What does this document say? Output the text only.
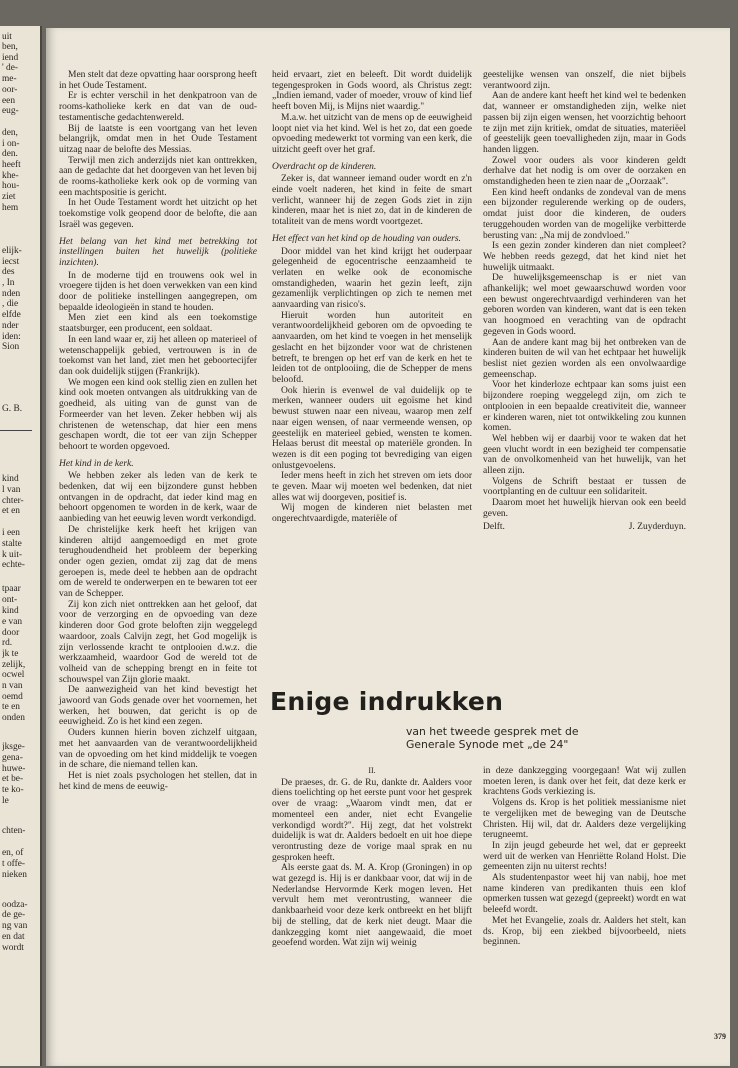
uit
ben,
iend
' de-
me-
oor-
een
eug-
den,
i on-
den.
heeft
khe-
hou-
ziet
hem
elijk-
iecst
des
, In
nden
, die
elfde
nder
iden:
Sion
G. B.
kind
l van
chter-
et en
i een
stalte
k uit-
echte-
tpaar
ont-
kind
e van
door
rd.
jk te
zelijk,
ocwel
n van
oemd
te en
onden
jksge-
gena-
huwe-
et be-
te ko-
le
chten-
en, of
t offe-
nieken
oodza-
de ge-
ng van
en dat
wordt

Men stelt dat deze opvatting haar oorsprong heeft in het Oude Testament.

Er is echter verschil in het denkpatroon van de rooms-katholieke kerk en dat van de oud-testamentische gedachtenwereld.

Bij de laatste is een voortgang van het leven belangrijk, omdat men in het Oude Testament uitzag naar de belofte des Messias.

Terwijl men zich anderzijds niet kan onttrekken, aan de gedachte dat het doorgeven van het leven bij de rooms-katholieke kerk ook op de vorming van een machtspositie is gericht.

In het Oude Testament wordt het uitzicht op het toekomstige volk geopend door de belofte, die aan Israël was gegeven.

Het belang van het kind met betrekking tot instellingen buiten het huwelijk (politieke inzichten).

In de moderne tijd en trouwens ook wel in vroegere tijden is het doen verwekken van een kind door de politieke instellingen aangegrepen, om bepaalde ideologieën in stand te houden.

Men ziet een kind als een toekomstige staatsburger, een producent, een soldaat.

In een land waar er, zij het alleen op materieel of wetenschappelijk gebied, vertrouwen is in de toekomst van het land, ziet men het geboortecijfer dan ook duidelijk stijgen (Frankrijk).

We mogen een kind ook stellig zien en zullen het kind ook moeten ontvangen als uitdrukking van de goedheid, als uiting van de gunst van de Formeerder van het leven. Zeker hebben wij als christenen de wetenschap, dat hier een mens geschapen wordt, die tot eer van zijn Schepper behoort te worden opgevoed.

Het kind in de kerk.

We hebben zeker als leden van de kerk te bedenken, dat wij een bijzondere gunst hebben ontvangen in de opdracht, dat ieder kind mag en behoort opgenomen te worden in de kerk, waar de aanbieding van het eeuwig leven wordt verkondigd.

De christelijke kerk heeft het krijgen van kinderen altijd aangemoedigd en met grote terughoudendheid het probleem der beperking onder ogen gezien, omdat zij zag dat de mens geroepen is, mede deel te hebben aan de opdracht om de wereld te onderwerpen en te bewaren tot eer van de Schepper.

Zij kon zich niet onttrekken aan het geloof, dat voor de verzorging en de opvoeding van deze kinderen door God grote beloften zijn weggelegd waardoor, zoals Calvijn zegt, het God mogelijk is zijn verlossende kracht te ontplooien d.w.z. die werkzaamheid, waardoor God de wereld tot de volheid van de schepping brengt en in feite tot schouwspel van Zijn glorie maakt.

De aanwezigheid van het kind bevestigt het jawoord van Gods genade over het voornemen, het werken, het bouwen, dat gericht is op de eeuwigheid. Zo is het kind een zegen.

Ouders kunnen hierin boven zichzelf uitgaan, met het aanvaarden van de verantwoordelijkheid van de opvoeding om het kind middelijk te voegen in de schare, die niemand tellen kan.

Het is niet zoals psychologen het stellen, dat in het kind de mens de eeuwig-

heid ervaart, ziet en beleeft. Dit wordt duidelijk tegengesproken in Gods woord, als Christus zegt: „Indien iemand, vader of moeder, vrouw of kind lief heeft boven Mij, is Mijns niet waardig."

M.a.w. het uitzicht van de mens op de eeuwigheid loopt niet via het kind. Wel is het zo, dat een goede opvoeding medewerkt tot vorming van een kerk, die uitzicht geeft over het graf.

Overdracht op de kinderen.

Zeker is, dat wanneer iemand ouder wordt en z'n einde voelt naderen, het kind in feite de smart verlicht, wanneer hij de zegen Gods ziet in zijn kinderen, maar het is niet zo, dat in de kinderen de totaliteit van de mens wordt voortgezet.

Het effect van het kind op de houding van ouders.

Door middel van het kind krijgt het ouderpaar gelegenheid de egocentrische eenzaamheid te verlaten en welke ook de economische omstandigheden, waarin het gezin leeft, zijn gezamenlijk verplichtingen op zich te nemen met aanvaarding van risico's.

Hieruit worden hun autoriteit en verantwoordelijkheid geboren om de opvoeding te aanvaarden, om het kind te voegen in het menselijk geslacht en het bijzonder voor wat de christenen betreft, te brengen op het erf van de kerk en het te leiden tot de ontplooiing, die de Schepper de mens beloofd.

Ook hierin is evenwel de val duidelijk op te merken, wanneer ouders uit egoïsme het kind bewust stuwen naar een niveau, waarop men zelf naar eigen wensen, of naar vermeende wensen, op geestelijk en materieel gebied, wensten te komen. Helaas berust dit meestal op materiële gronden. In wezen is dit een poging tot bevrediging van eigen onlustgevoelens.

Ieder mens heeft in zich het streven om iets door te geven. Maar wij moeten wel bedenken, dat niet alles wat wij doorgeven, positief is.

Wij mogen de kinderen niet belasten met ongerechtvaardigde, materiële of

geestelijke wensen van onszelf, die niet bijbels verantwoord zijn.

Aan de andere kant heeft het kind wel te bedenken dat, wanneer er omstandigheden zijn, welke niet passen bij zijn eigen wensen, het voorzichtig behoort te zijn met zijn kritiek, omdat de situaties, materiëel of geestelijk geen toevalligheden zijn, maar in Gods handen liggen.

Zowel voor ouders als voor kinderen geldt derhalve dat het nodig is om over de oorzaken en omstandigheden heen te zien naar de „Oorzaak".

Een kind heeft ondanks de zondeval van de mens een bijzonder regulerende werking op de ouders, omdat juist door die kinderen, de ouders teruggehouden worden van de mogelijke verbitterde berusting van: „Na mij de zondvloed."

Is een gezin zonder kinderen dan niet compleet? We hebben reeds gezegd, dat het kind niet het huwelijk uitmaakt.

De huwelijksgemeenschap is er niet van afhankelijk; wel moet gewaarschuwd worden voor een bewust ongerechtvaardigd verhinderen van het geboren worden van kinderen, want dat is een teken van hoogmoed en verachting van de opdracht gegeven in Gods woord.

Aan de andere kant mag bij het ontbreken van de kinderen buiten de wil van het echtpaar het huwelijk beslist niet gezien worden als een onvolwaardige gemeenschap.

Voor het kinderloze echtpaar kan soms juist een bijzondere roeping weggelegd zijn, om zich te ontplooien in een bepaalde creativiteit die, wanneer er kinderen waren, niet tot ontwikkeling zou kunnen komen.

Wel hebben wij er daarbij voor te waken dat het geen vlucht wordt in een bezigheid ter compensatie van de onvolkomenheid van het huwelijk, van het alleen zijn.

Volgens de Schrift bestaat er tussen de voortplanting en de cultuur een solidariteit.

Daarom moet het huwelijk hiervan ook een beeld geven.

Delft.	J. Zuyderduyn.

Enige indrukken
van het tweede gesprek met de
Generale Synode met „de 24"

II.

De praeses, dr. G. de Ru, dankte dr. Aalders voor diens toelichting op het eerste punt voor het gesprek over de vraag: „Waarom vindt men, dat er momenteel een ander, niet echt Evangelie verkondigd wordt?". Hij zegt, dat het volstrekt duidelijk is wat dr. Aalders bedoelt en uit hoe diepe verontrusting deze de vorige maal sprak en nu gesproken heeft.

Als eerste gaat ds. M. A. Krop (Groningen) in op wat gezegd is. Hij is er dankbaar voor, dat wij in de Nederlandse Hervormde Kerk mogen leven. Het vervult hem met verontrusting, wanneer die dankbaarheid voor deze kerk ontbreekt en het blijft bij de stelling, dat de kerk niet deugt. Maar die dankzegging komt niet aangewaaid, die moet geoefend worden. Wat zijn wij weinig

in deze dankzegging voorgegaan! Wat wij zullen moeten leren, is dank over het feit, dat deze kerk er krachtens Gods verkiezing is.

Volgens ds. Krop is het politiek messianisme niet te vergelijken met de beweging van de Deutsche Christen. Hij wil, dat dr. Aalders deze vergelijking terugneemt.

In zijn jeugd gebeurde het wel, dat er gepreekt werd uit de werken van Henriëtte Roland Holst. Die gemeenten zijn nu uiterst rechts!

Als studentenpastor weet hij van nabij, hoe met name kinderen van predikanten thuis een klof opmerken tussen wat gezegd (gepreekt) wordt en wat beleefd wordt.

Met het Evangelie, zoals dr. Aalders het stelt, kan ds. Krop, bij een ziekbed bijvoorbeeld, niets beginnen.

379
